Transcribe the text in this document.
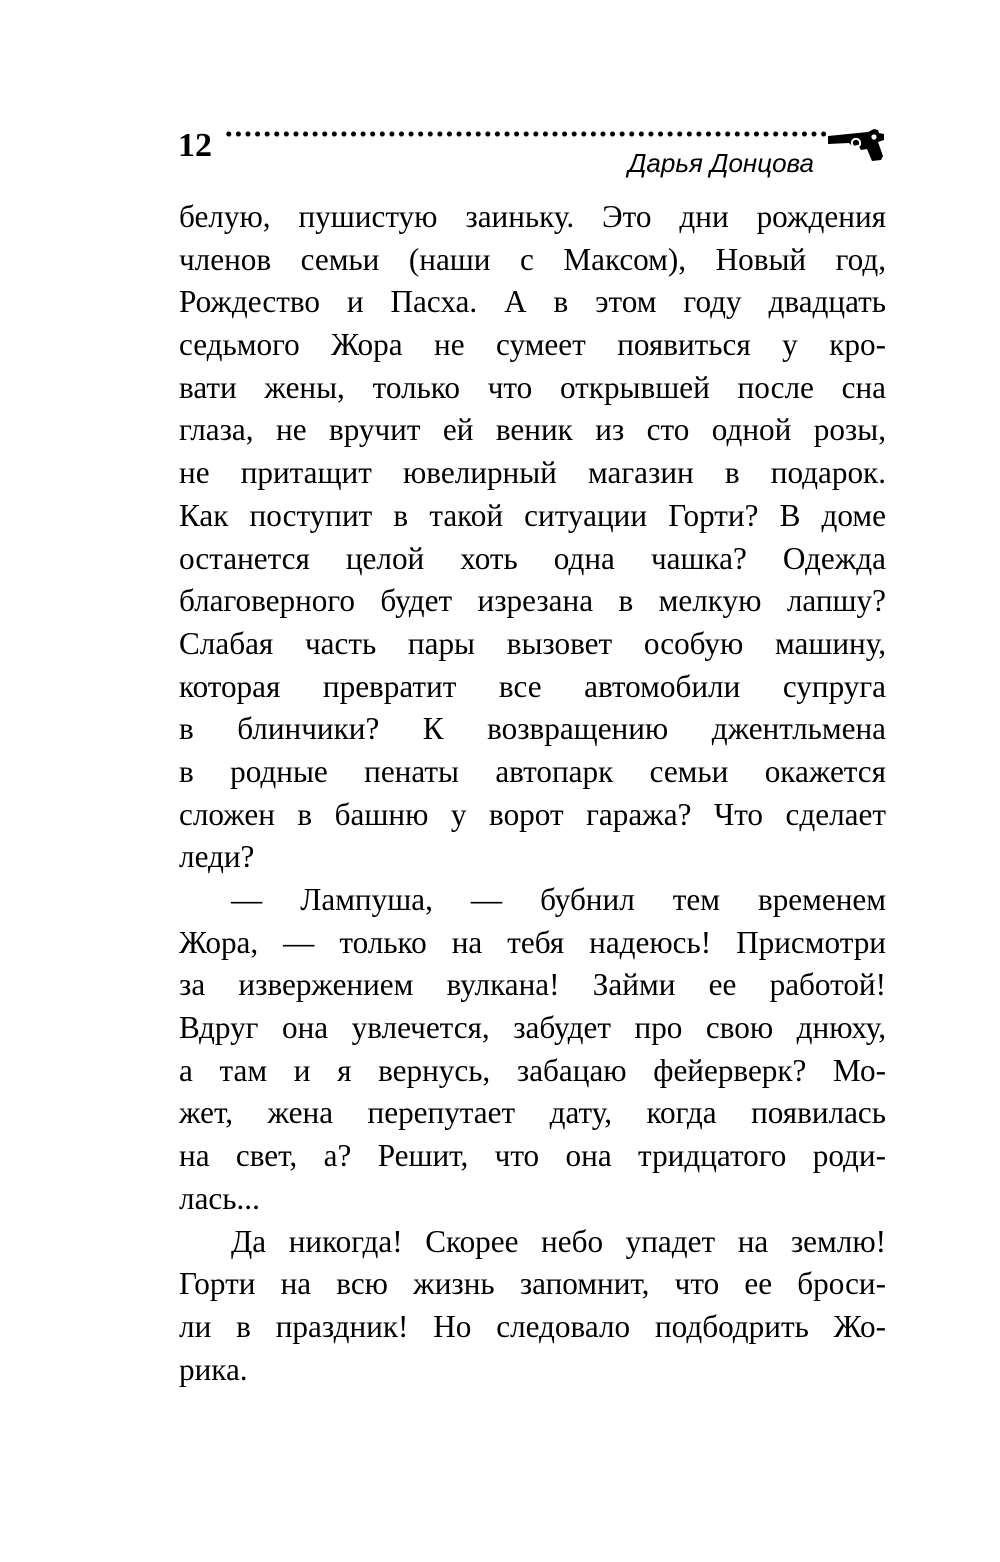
12	Дарья Донцова
белую, пушистую заиньку. Это дни рождения
членов семьи (наши с Максом), Новый год,
Рождество и Пасха. А в этом году двадцать
седьмого Жора не сумеет появиться у кро-
вати жены, только что открывшей после сна
глаза, не вручит ей веник из сто одной розы,
не притащит ювелирный магазин в подарок.
Как поступит в такой ситуации Горти? В доме
останется целой хоть одна чашка? Одежда
благоверного будет изрезана в мелкую лапшу?
Слабая часть пары вызовет особую машину,
которая превратит все автомобили супруга
в блинчики? К возвращению джентльмена
в родные пенаты автопарк семьи окажется
сложен в башню у ворот гаража? Что сделает
леди?
— Лампуша, — бубнил тем временем
Жора, — только на тебя надеюсь! Присмотри
за извержением вулкана! Займи ее работой!
Вдруг она увлечется, забудет про свою днюху,
а там и я вернусь, забацаю фейерверк? Мо-
жет, жена перепутает дату, когда появилась
на свет, а? Решит, что она тридцатого роди-
лась...
Да никогда! Скорее небо упадет на землю!
Горти на всю жизнь запомнит, что ее броси-
ли в праздник! Но следовало подбодрить Жо-
рика.
